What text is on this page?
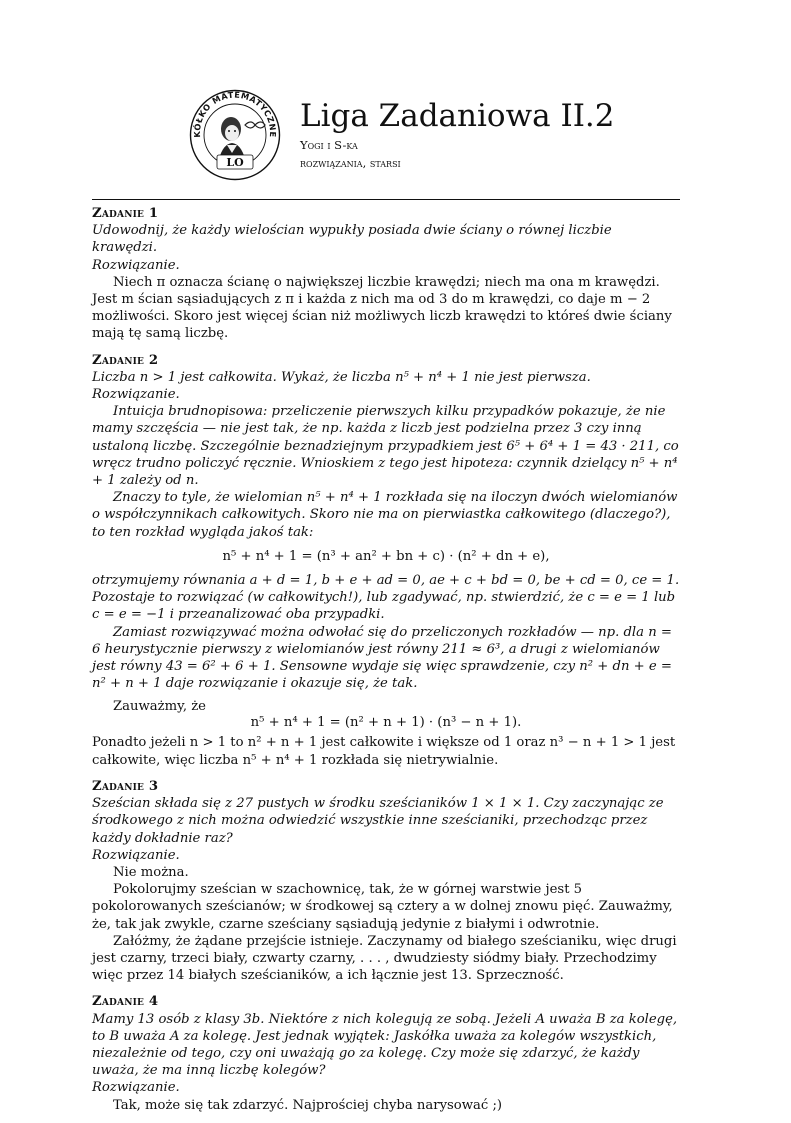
KÓŁKO MATEMATYCZNE
LO
Liga Zadaniowa II.2
Yogi i S-ka
rozwiązania, starsi
Zadanie 1

Udowodnij, że każdy wielościan wypukły posiada dwie ściany o równej liczbie krawędzi.

Rozwiązanie.

Niech π oznacza ścianę o największej liczbie krawędzi; niech ma ona m krawędzi. Jest m ścian sąsiadujących z π i każda z nich ma od 3 do m krawędzi, co daje m − 2 możliwości. Skoro jest więcej ścian niż możliwych liczb krawędzi to któreś dwie ściany mają tę samą liczbę.

Zadanie 2

Liczba n > 1 jest całkowita. Wykaż, że liczba n⁵ + n⁴ + 1 nie jest pierwsza.

Rozwiązanie.

Intuicja brudnopisowa: przeliczenie pierwszych kilku przypadków pokazuje, że nie mamy szczęścia — nie jest tak, że np. każda z liczb jest podzielna przez 3 czy inną ustaloną liczbę. Szczególnie beznadziejnym przypadkiem jest 6⁵ + 6⁴ + 1 = 43 · 211, co wręcz trudno policzyć ręcznie. Wnioskiem z tego jest hipoteza: czynnik dzielący n⁵ + n⁴ + 1 zależy od n.

Znaczy to tyle, że wielomian n⁵ + n⁴ + 1 rozkłada się na iloczyn dwóch wielomianów o współczynnikach całkowitych. Skoro nie ma on pierwiastka całkowitego (dlaczego?), to ten rozkład wygląda jakoś tak:

n⁵ + n⁴ + 1 = (n³ + an² + bn + c) · (n² + dn + e),

otrzymujemy równania a + d = 1, b + e + ad = 0, ae + c + bd = 0, be + cd = 0, ce = 1. Pozostaje to rozwiązać (w całkowitych!), lub zgadywać, np. stwierdzić, że c = e = 1 lub c = e = −1 i przeanalizować oba przypadki.

Zamiast rozwiązywać można odwołać się do przeliczonych rozkładów — np. dla n = 6 heurystycznie pierwszy z wielomianów jest równy 211 ≈ 6³, a drugi z wielomianów jest równy 43 = 6² + 6 + 1. Sensowne wydaje się więc sprawdzenie, czy n² + dn + e = n² + n + 1 daje rozwiązanie i okazuje się, że tak.

Zauważmy, że
n⁵ + n⁴ + 1 = (n² + n + 1) · (n³ − n + 1).

Ponadto jeżeli n > 1 to n² + n + 1 jest całkowite i większe od 1 oraz n³ − n + 1 > 1 jest całkowite, więc liczba n⁵ + n⁴ + 1 rozkłada się nietrywialnie.

Zadanie 3

Sześcian składa się z 27 pustych w środku sześcianików 1 × 1 × 1. Czy zaczynając ze środkowego z nich można odwiedzić wszystkie inne sześcianiki, przechodząc przez każdy dokładnie raz?

Rozwiązanie.

Nie można.

Pokolorujmy sześcian w szachownicę, tak, że w górnej warstwie jest 5 pokolorowanych sześcianów; w środkowej są cztery a w dolnej znowu pięć. Zauważmy, że, tak jak zwykle, czarne sześciany sąsiadują jedynie z białymi i odwrotnie.

Załóżmy, że żądane przejście istnieje. Zaczynamy od białego sześcianiku, więc drugi jest czarny, trzeci biały, czwarty czarny, . . . , dwudziesty siódmy biały. Przechodzimy więc przez 14 białych sześcianików, a ich łącznie jest 13. Sprzeczność.

Zadanie 4

Mamy 13 osób z klasy 3b. Niektóre z nich kolegują ze sobą. Jeżeli A uważa B za kolegę, to B uważa A za kolegę. Jest jednak wyjątek: Jaskółka uważa za kolegów wszystkich, niezależnie od tego, czy oni uważają go za kolegę. Czy może się zdarzyć, że każdy uważa, że ma inną liczbę kolegów?

Rozwiązanie.

Tak, może się tak zdarzyć. Najprościej chyba narysować ;)
